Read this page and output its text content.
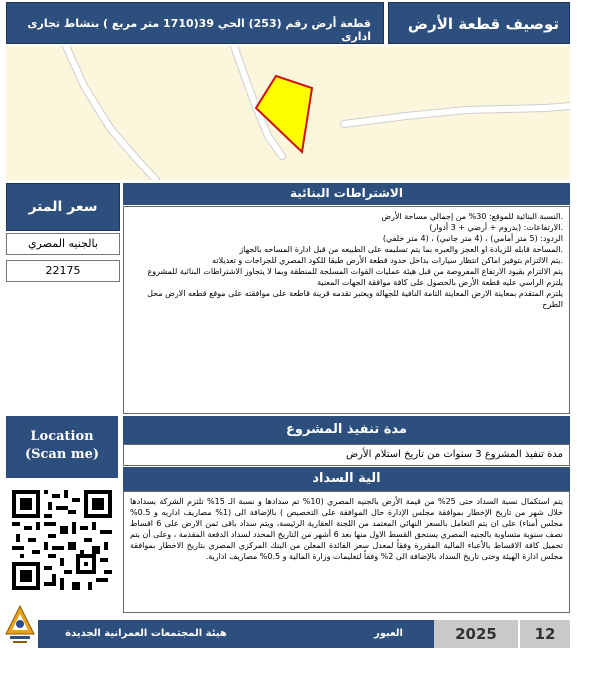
قطعة أرض رقم (253) الحي 39(1710 متر مربع ) بنشاط تجارى ادارى
توصيف قطعة الأرض
سعر المتر
بالجنيه المصري
22175
الاشتراطات البنائية

.النسبة البنائية للموقع: 30% من إجمالي مساحة الأرض

.الارتفاعات: (بدروم + أرضي + 3 أدوار)

الردود: (5 متر أمامي) ، (4 متر جانبي) ، (4 متر خلفي)

.المساحة قابله للزيادة او العجز والعبره بما يتم تسليمه على الطبيعه من قبل ادارة المساحه بالجهاز

.يتم الالتزام بتوفير اماكن انتظار سيارات بداخل حدود قطعة الأرض طبقا للكود المصري للجراجات و تعديلاته

يتم الالتزام بقيود الارتفاع المفروضة من قبل هيئة عمليات القوات المسلحة للمنطقة وبما لا يتجاوز الاشتراطات البنائية للمشروع

يلتزم الراسي عليه قطعة الأرض بالحصول على كافة موافقة الجهات المعنية

يلتزم المتقدم بمعاينة الارض المعاينة التامة النافية للجهالة ويعتبر تقدمه قرينة قاطعة على موافقته على موقع قطعه الارض محل الطرح

Location
(Scan me)
مدة تنفيذ المشروع
مدة تنفيذ المشروع 3 سنوات من تاريخ استلام الأرض
الية السداد
يتم استكمال نسبة السداد حتى 25% من قيمة الأرض بالجنيه المصري (10% تم سدادها و نسبة الـ 15% تلتزم الشركة بسدادها خلال شهر من تاريخ الإخطار بموافقة مجلس الإدارة حال الموافقة على التخصيص ) بالإضافة الى (1% مصاريف اداريه و 0.5% مجلس أمناء) على ان يتم التعامل بالسعر النهائي المعتمد من اللجنة العقارية الرئيسة، ويتم سداد باقى ثمن الارض على 6 اقساط نصف سنوية متساوية بالجنيه المصري يستحق القسط الاول منها بعد 6 أشهر من التاريخ المحدد لسداد الدفعة المقدمة ، وعلى أن يتم تحميل كافة الاقساط بالأعباء المالية المقررة وفقاً لمعدل سعر الفائدة المعلن من البنك المركزي المصري بتاريخ الاخطار بموافقة مجلس ادارة الهيئة وحتى تاريخ السداد بالإضافة الى 2% وفقاً لتعليمات وزارة المالية و 0.5% مصاريف ادارية.
هيئة المجتمعات العمرانية الجديدة	العبور الجديدة
2025	12
